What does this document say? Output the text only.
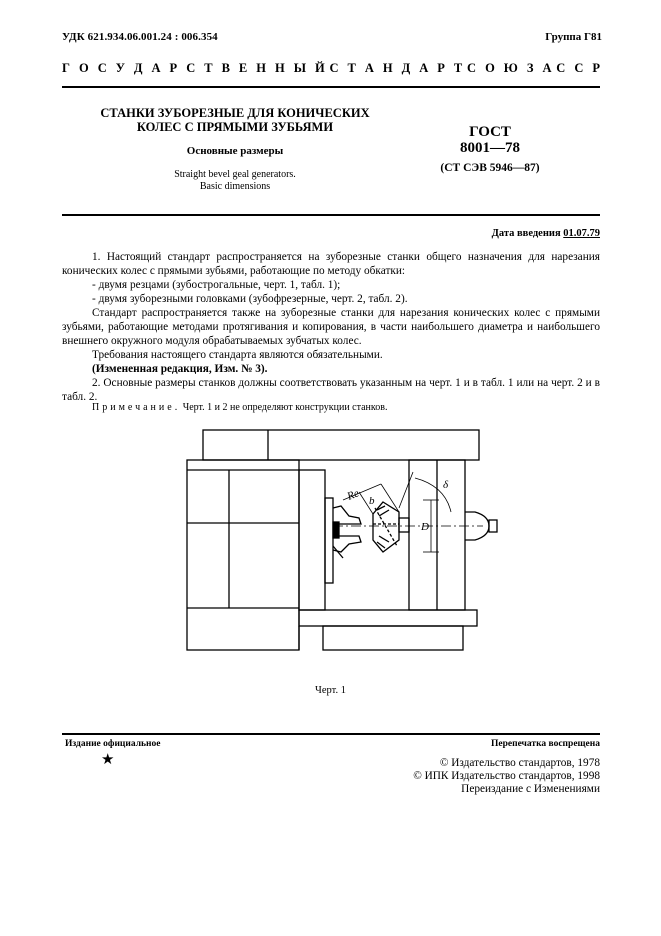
УДК 621.934.06.001.24 : 006.354	Группа Г81
Г О С У Д А Р С Т В Е Н Н Ы Й С Т А Н Д А Р Т С О Ю З А С С Р
СТАНКИ ЗУБОРЕЗНЫЕ ДЛЯ КОНИЧЕСКИХ
КОЛЕС С ПРЯМЫМИ ЗУБЬЯМИ
Основные размеры
Straight bevel geal generators.
Basic dimensions
ГОСТ
8001—78
(СТ СЭВ 5946—87)
Дата введения 01.07.79

1. Настоящий стандарт распространяется на зуборезные станки общего назначения для нарезания конических колес с прямыми зубьями, работающие по методу обкатки:

- двумя резцами (зубострогальные, черт. 1, табл. 1);

- двумя зуборезными головками (зубофрезерные, черт. 2, табл. 2).

Стандарт распространяется также на зуборезные станки для нарезания конических колес с прямыми зубьями, работающие методами протягивания и копирования, в части наибольшего диаметра и наибольшего внешнего окружного модуля обрабатываемых зубчатых колес.

Требования настоящего стандарта являются обязательными.

(Измененная редакция, Изм. № 3).

2. Основные размеры станков должны соответствовать указанным на черт. 1 и в табл. 1 или на черт. 2 и в табл. 2.

Примечание. Черт. 1 и 2 не определяют конструкции станков.
Re b
D
δ
Черт. 1
Издание официальное	Перепечатка воспрещена
★	© Издательство стандартов, 1978
© ИПК Издательство стандартов, 1998
Переиздание с Изменениями
